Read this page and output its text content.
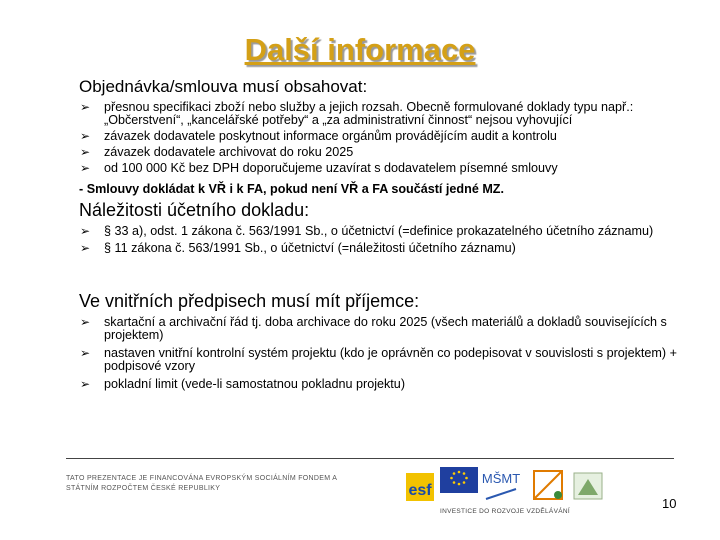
Další informace
Objednávka/smlouva musí obsahovat:
➢ přesnou specifikaci zboží nebo služby a jejich rozsah. Obecně formulované doklady typu např.: „Občerstvení“, „kancelářské potřeby“ a „za administrativní činnost“ nejsou vyhovující
➢ závazek dodavatele poskytnout informace orgánům provádějícím audit a kontrolu
➢ závazek dodavatele archivovat do roku 2025
➢ od 100 000 Kč bez DPH doporučujeme uzavírat s dodavatelem písemné smlouvy
- Smlouvy dokládat k VŘ i k FA, pokud není VŘ a FA součástí jedné MZ.
Náležitosti účetního dokladu:
➢ § 33 a), odst. 1 zákona č. 563/1991 Sb., o účetnictví (=definice prokazatelného účetního záznamu)
➢ § 11 zákona č. 563/1991 Sb., o účetnictví (=náležitosti účetního záznamu)
Ve vnitřních předpisech musí mít příjemce:
➢ skartační a archivační řád tj. doba archivace do roku 2025 (všech materiálů a dokladů souvisejících s projektem)
➢ nastaven vnitřní kontrolní systém projektu (kdo je oprávněn co podepisovat v souvislosti s projektem) + podpisové vzory
➢ pokladní limit (vede-li samostatnou pokladnu projektu)
TATO PREZENTACE JE FINANCOVÁNA EVROPSKÝM SOCIÁLNÍM FONDEM A STÁTNÍM ROZPOČTEM ČESKÉ REPUBLIKY	esf
MŠMT
INVESTICE DO ROZVOJE VZDĚLÁVÁNÍ
10
